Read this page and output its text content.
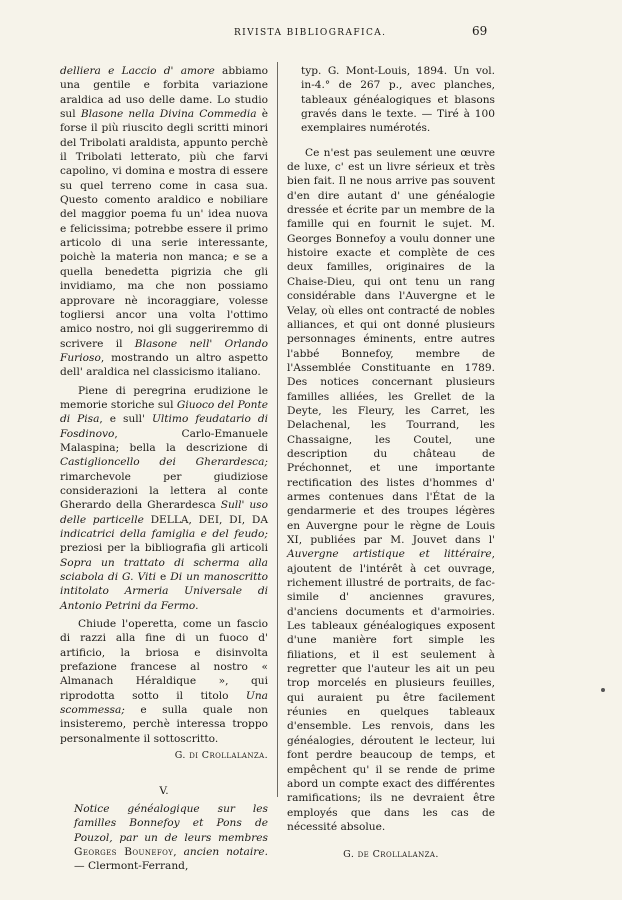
RIVISTA BIBLIOGRAFICA.	69

delliera e Laccio d' amore abbiamo una gentile e forbita variazione araldica ad uso delle dame. Lo studio sul Blasone nella Divina Commedia è forse il più riuscito degli scritti minori del Tribolati araldista, appunto perchè il Tribolati letterato, più che farvi capolino, vi domina e mostra di essere su quel terreno come in casa sua. Questo comento araldico e nobiliare del maggior poema fu un' idea nuova e felicissima; potrebbe essere il primo articolo di una serie interessante, poichè la materia non manca; e se a quella benedetta pigrizia che gli invidiamo, ma che non possiamo approvare nè incoraggiare, volesse togliersi ancor una volta l'ottimo amico nostro, noi gli suggeriremmo di scrivere il Blasone nell' Orlando Furioso, mostrando un altro aspetto dell' araldica nel classicismo italiano.

Piene di peregrina erudizione le memorie storiche sul Giuoco del Ponte di Pisa, e sull' Ultimo feudatario di Fosdinovo, Carlo-Emanuele Malaspina; bella la descrizione di Castiglioncello dei Gherardesca; rimarchevole per giudiziose considerazioni la lettera al conte Gherardo della Gherardesca Sull' uso delle particelle DELLA, DEI, DI, DA indicatrici della famiglia e del feudo; preziosi per la bibliografia gli articoli Sopra un trattato di scherma alla sciabola di G. Viti e Di un manoscritto intitolato Armeria Universale di Antonio Petrini da Fermo.

Chiude l'operetta, come un fascio di razzi alla fine di un fuoco d' artificio, la briosa e disinvolta prefazione francese al nostro « Almanach Héraldique », qui riprodotta sotto il titolo Una scommessa; e sulla quale non insisteremo, perchè interessa troppo personalmente il sottoscritto.

G. di Crollalanza.

V.

Notice généalogique sur les familles Bonnefoy et Pons de Pouzol, par un de leurs membres Georges Bounefoy, ancien notaire. — Clermont-Ferrand,

typ. G. Mont-Louis, 1894. Un vol. in-4.° de 267 p., avec planches, tableaux généalogiques et blasons gravés dans le texte. — Tiré à 100 exemplaires numérotés.

Ce n'est pas seulement une œuvre de luxe, c' est un livre sérieux et très bien fait. Il ne nous arrive pas souvent d'en dire autant d' une généalogie dressée et écrite par un membre de la famille qui en fournit le sujet. M. Georges Bonnefoy a voulu donner une histoire exacte et complète de ces deux familles, originaires de la Chaise-Dieu, qui ont tenu un rang considérable dans l'Auvergne et le Velay, où elles ont contracté de nobles alliances, et qui ont donné plusieurs personnages éminents, entre autres l'abbé Bonnefoy, membre de l'Assemblée Constituante en 1789. Des notices concernant plusieurs familles alliées, les Grellet de la Deyte, les Fleury, les Carret, les Delachenal, les Tourrand, les Chassaigne, les Coutel, une description du château de Préchonnet, et une importante rectification des listes d'hommes d' armes contenues dans l'État de la gendarmerie et des troupes légères en Auvergne pour le règne de Louis XI, publiées par M. Jouvet dans l' Auvergne artistique et littéraire, ajoutent de l'intérêt à cet ouvrage, richement illustré de portraits, de fac-simile d' anciennes gravures, d'anciens documents et d'armoiries. Les tableaux généalogiques exposent d'une manière fort simple les filiations, et il est seulement à regretter que l'auteur les ait un peu trop morcelés en plusieurs feuilles, qui auraient pu être facilement réunies en quelques tableaux d'ensemble. Les renvois, dans les généalogies, déroutent le lecteur, lui font perdre beaucoup de temps, et empêchent qu' il se rende de prime abord un compte exact des différentes ramifications; ils ne devraient être employés que dans les cas de nécessité absolue.

G. de Crollalanza.
